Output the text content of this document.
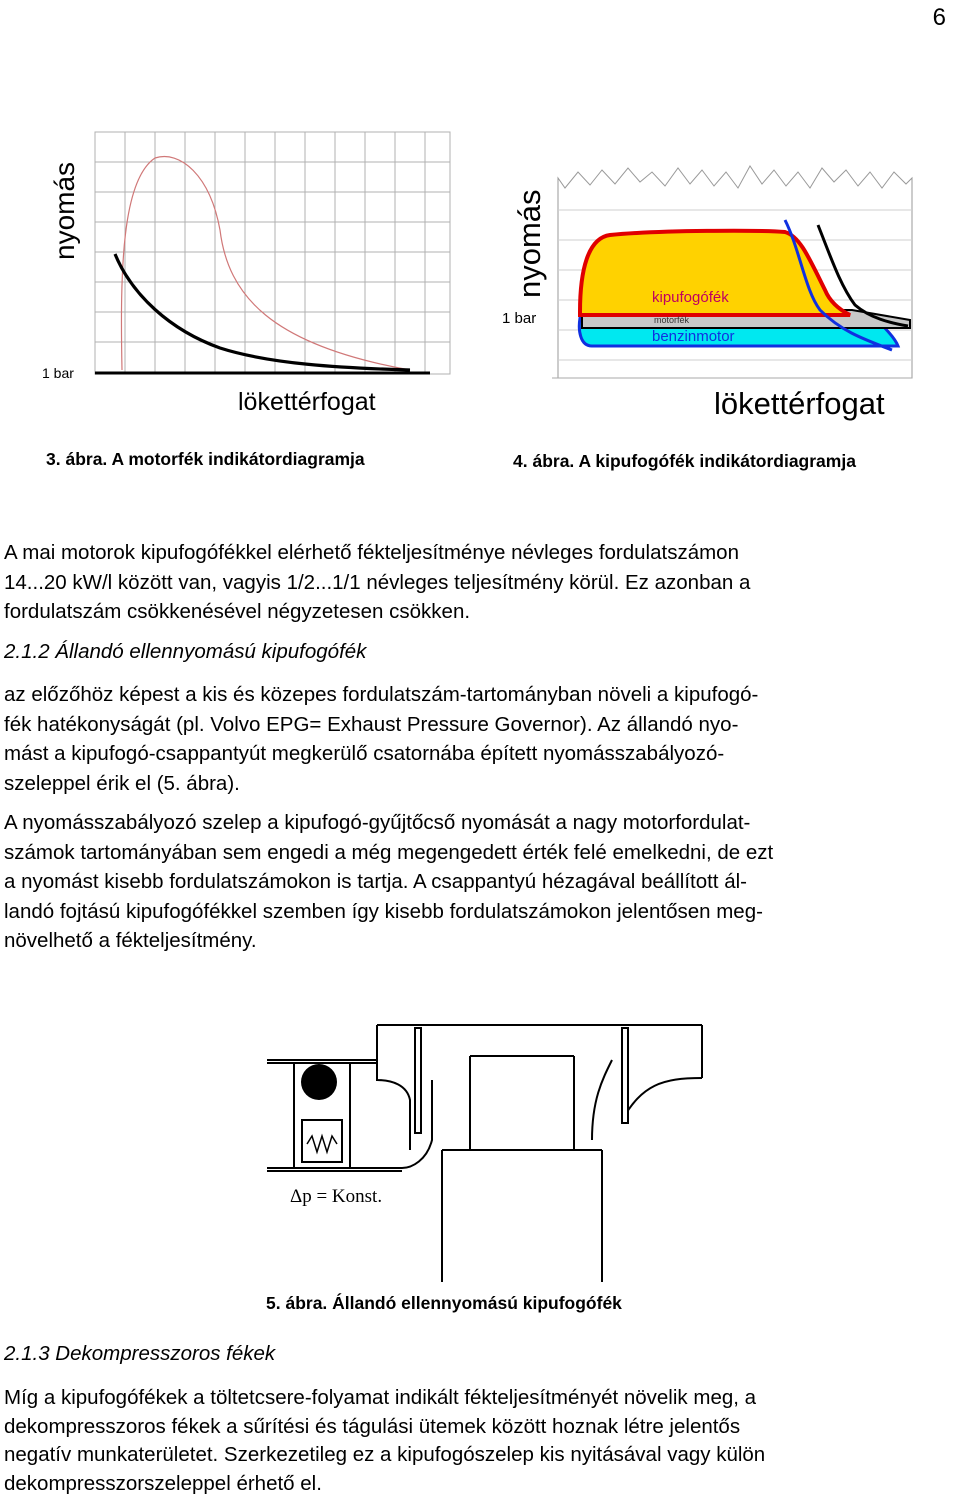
6
nyomás
1 bar
lökettérfogat
3. ábra. A motorfék indikátordiagramja
nyomás
1 bar
kipufogófék
motorfék
benzinmotor
lökettérfogat
4. ábra. A kipufogófék indikátordiagramja
A mai motorok kipufogófékkel elérhető fékteljesítménye névleges fordulatszámon
14...20 kW/l között van, vagyis 1/2...1/1 névleges teljesítmény körül. Ez azonban a
fordulatszám csökkenésével négyzetesen csökken.
2.1.2 Állandó ellennyomású kipufogófék
az előzőhöz képest a kis és közepes fordulatszám-tartományban növeli a kipufogó-
fék hatékonyságát (pl. Volvo EPG= Exhaust Pressure Governor). Az állandó nyo-
mást a kipufogó-csappantyút megkerülő csatornába épített nyomásszabályozó-
szeleppel érik el (5. ábra).
A nyomásszabályozó szelep a kipufogó-gyűjtőcső nyomását a nagy motorfordulat-
számok tartományában sem engedi a még megengedett érték felé emelkedni, de ezt
a nyomást kisebb fordulatszámokon is tartja. A csappantyú hézagával beállított ál-
landó fojtású kipufogófékkel szemben így kisebb fordulatszámokon jelentősen meg-
növelhető a fékteljesítmény.
Δp = Konst.
5. ábra. Állandó ellennyomású kipufogófék
2.1.3 Dekompresszoros fékek
Míg a kipufogófékek a töltetcsere-folyamat indikált fékteljesítményét növelik meg, a
dekompresszoros fékek a sűrítési és tágulási ütemek között hoznak létre jelentős
negatív munkaterületet. Szerkezetileg ez a kipufogószelep kis nyitásával vagy külön
dekompresszorszeleppel érhető el.
